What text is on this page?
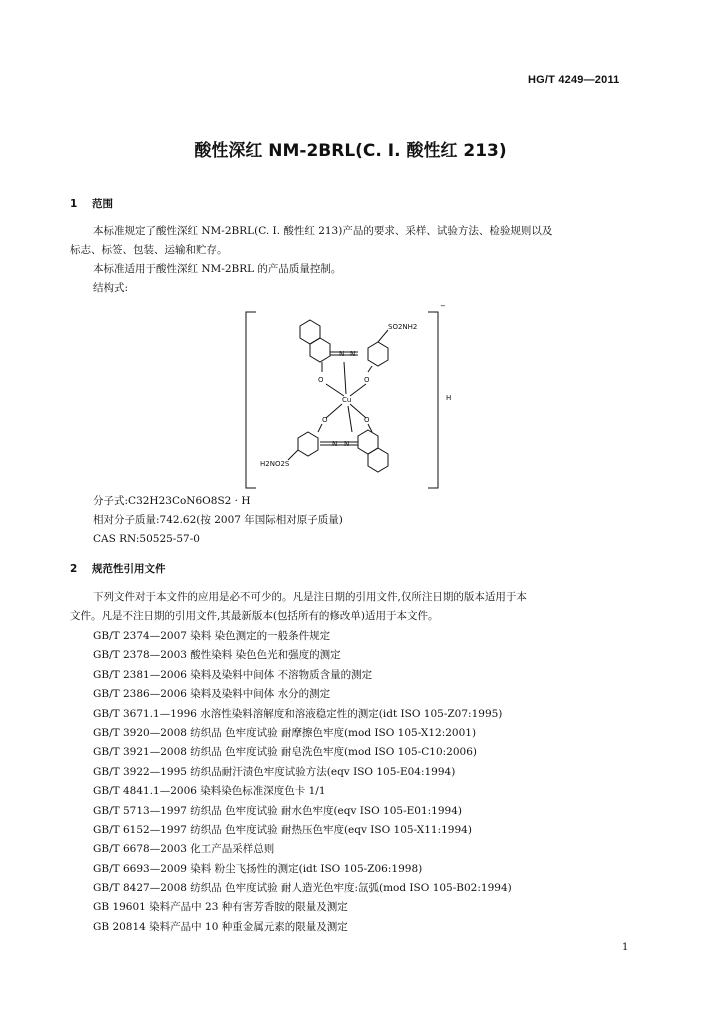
HG/T 4249—2011
酸性深红 NM-2BRL(C. I. 酸性红 213)
1 范围
本标准规定了酸性深红 NM-2BRL(C. I. 酸性红 213)产品的要求、采样、试验方法、检验规则以及
标志、标签、包装、运输和贮存。
本标准适用于酸性深红 NM-2BRL 的产品质量控制。
结构式:
SO2NH2
N N
O	O
Cu
O	O
N N
H2NO2S
H
−
分子式:C32H23CoN6O8S2 · H
相对分子质量:742.62(按 2007 年国际相对原子质量)
CAS RN:50525-57-0
2 规范性引用文件
下列文件对于本文件的应用是必不可少的。凡是注日期的引用文件,仅所注日期的版本适用于本
文件。凡是不注日期的引用文件,其最新版本(包括所有的修改单)适用于本文件。
GB/T 2374—2007 染料 染色测定的一般条件规定
GB/T 2378—2003 酸性染料 染色色光和强度的测定
GB/T 2381—2006 染料及染料中间体 不溶物质含量的测定
GB/T 2386—2006 染料及染料中间体 水分的测定
GB/T 3671.1—1996 水溶性染料溶解度和溶液稳定性的测定(idt ISO 105-Z07:1995)
GB/T 3920—2008 纺织品 色牢度试验 耐摩擦色牢度(mod ISO 105-X12:2001)
GB/T 3921—2008 纺织品 色牢度试验 耐皂洗色牢度(mod ISO 105-C10:2006)
GB/T 3922—1995 纺织品耐汗渍色牢度试验方法(eqv ISO 105-E04:1994)
GB/T 4841.1—2006 染料染色标准深度色卡 1/1
GB/T 5713—1997 纺织品 色牢度试验 耐水色牢度(eqv ISO 105-E01:1994)
GB/T 6152—1997 纺织品 色牢度试验 耐热压色牢度(eqv ISO 105-X11:1994)
GB/T 6678—2003 化工产品采样总则
GB/T 6693—2009 染料 粉尘飞扬性的测定(idt ISO 105-Z06:1998)
GB/T 8427—2008 纺织品 色牢度试验 耐人造光色牢度:氙弧(mod ISO 105-B02:1994)
GB 19601 染料产品中 23 种有害芳香胺的限量及测定
GB 20814 染料产品中 10 种重金属元素的限量及测定
1
